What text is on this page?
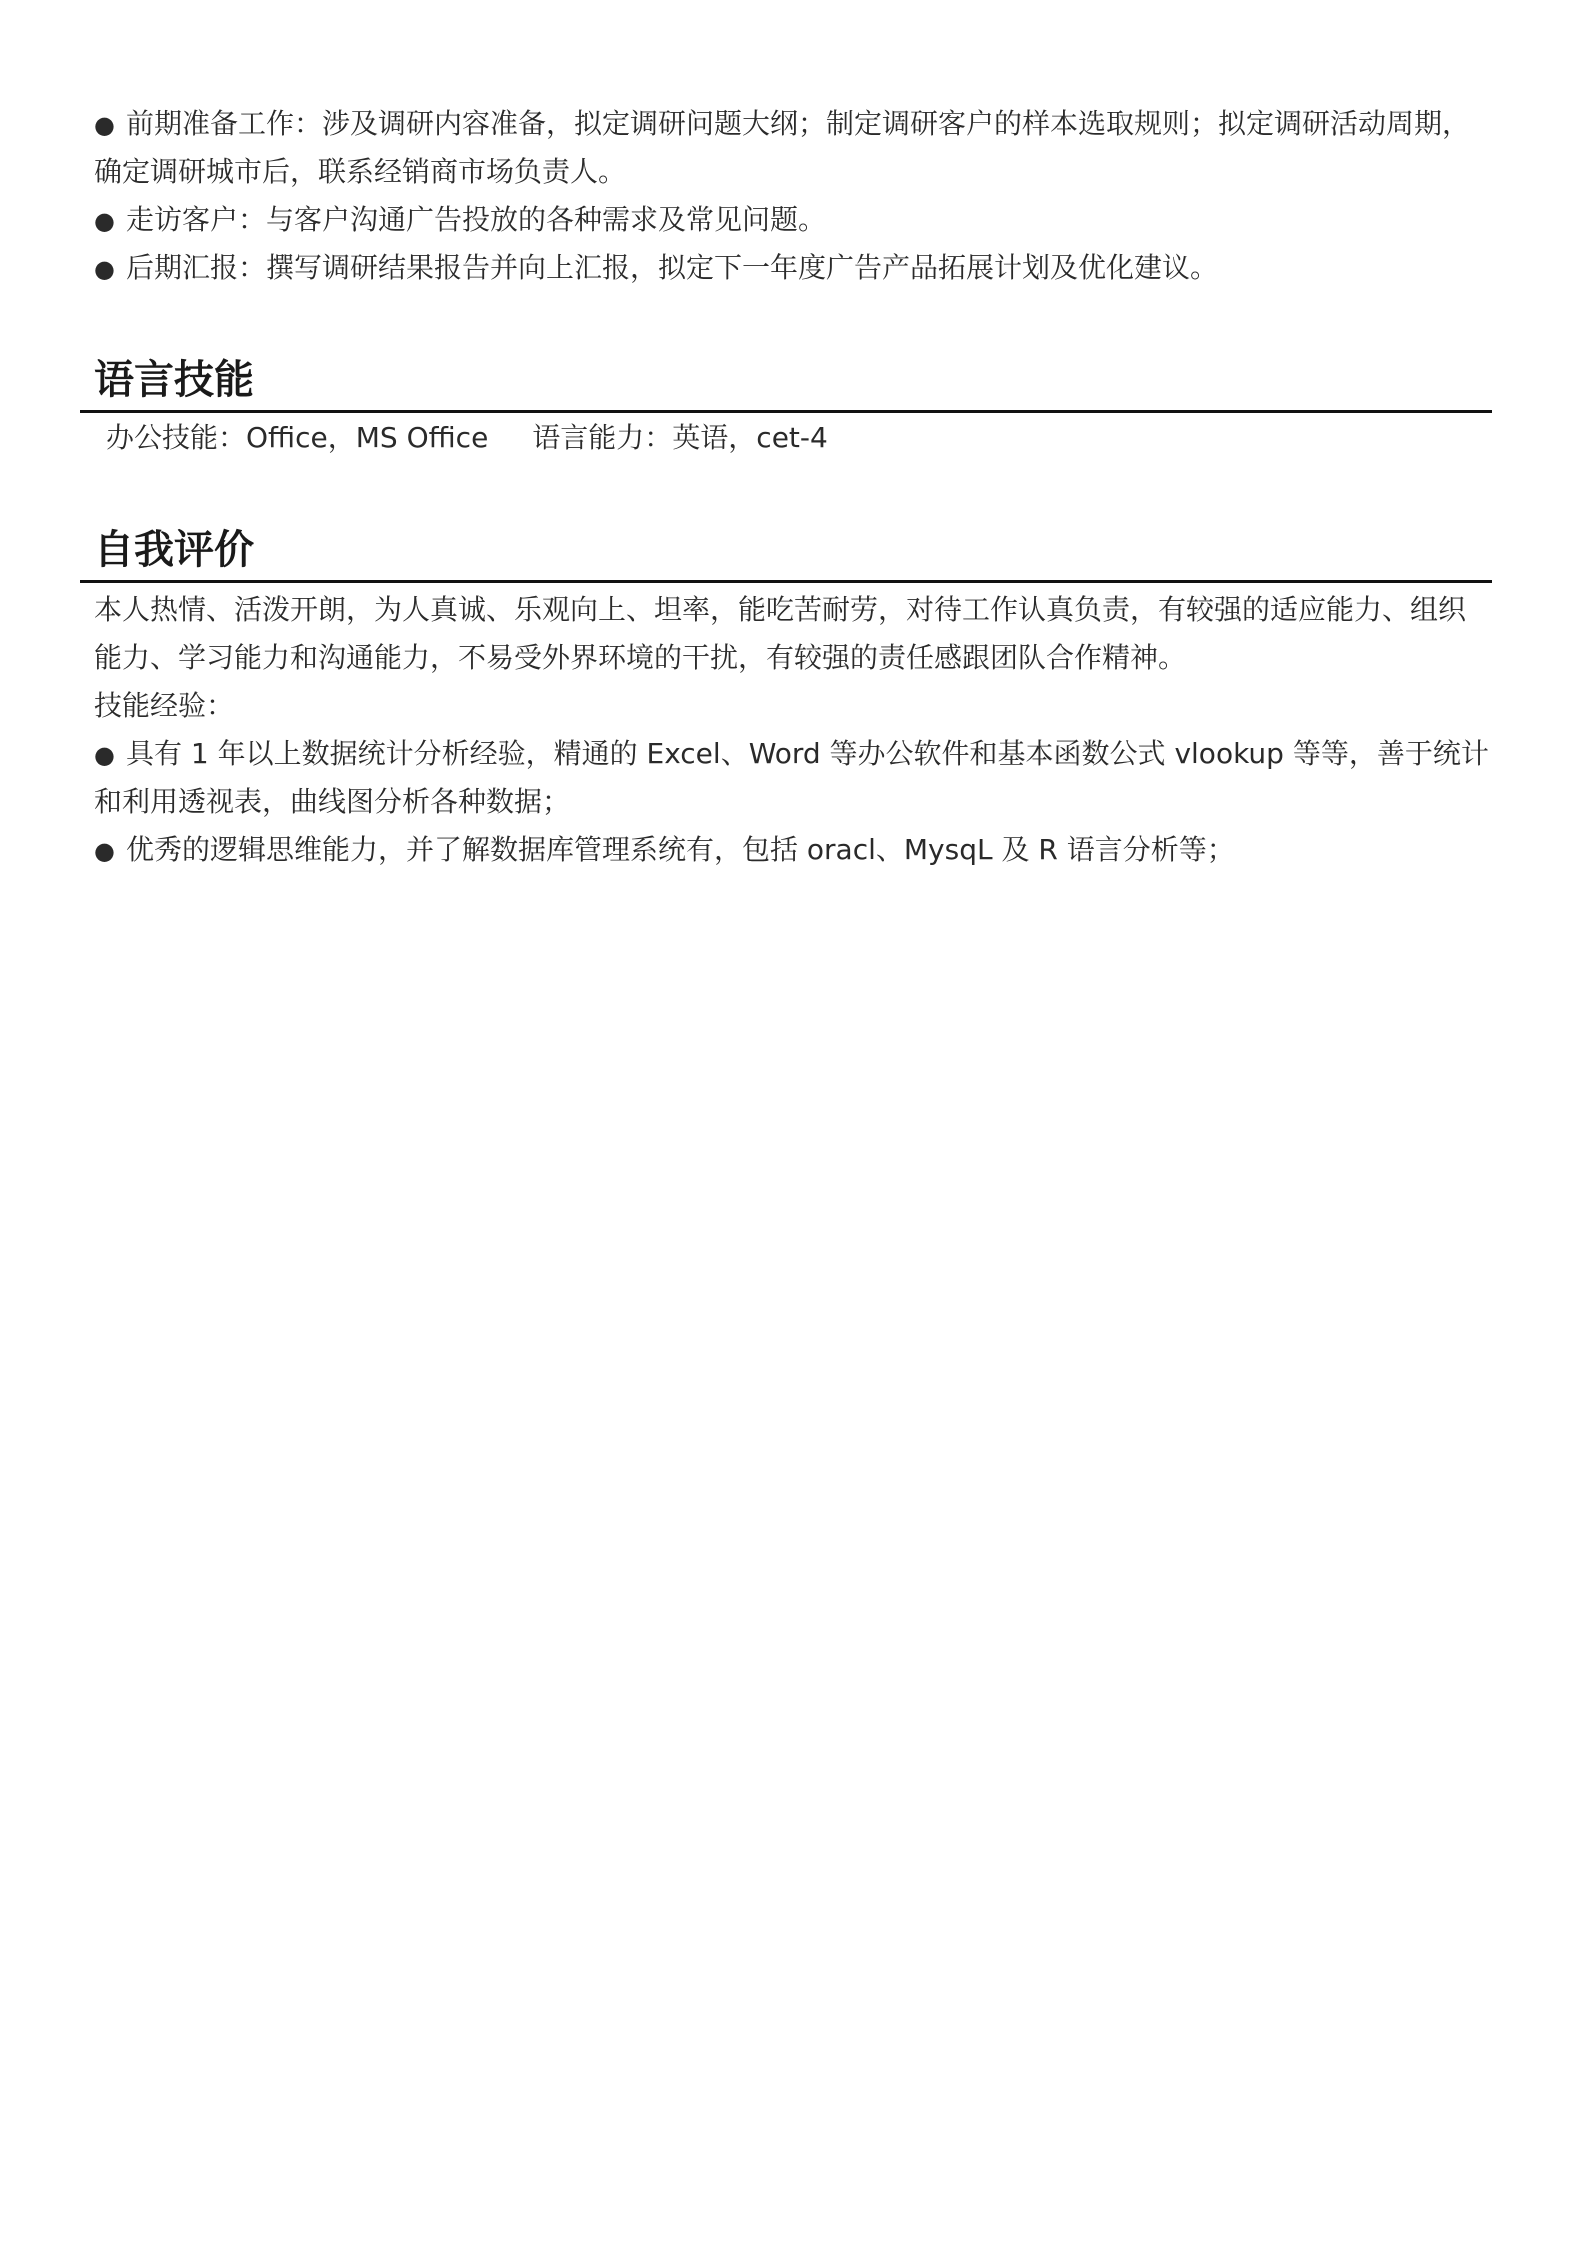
● 前期准备工作：涉及调研内容准备，拟定调研问题大纲；制定调研客户的样本选取规则；拟定调研活动周期，
确定调研城市后，联系经销商市场负责人。
● 走访客户：与客户沟通广告投放的各种需求及常见问题。
● 后期汇报：撰写调研结果报告并向上汇报，拟定下一年度广告产品拓展计划及优化建议。
语言技能
办公技能：Office，MS Office 语言能力：英语，cet-4
自我评价
本人热情、活泼开朗，为人真诚、乐观向上、坦率，能吃苦耐劳，对待工作认真负责，有较强的适应能力、组织
能力、学习能力和沟通能力，不易受外界环境的干扰，有较强的责任感跟团队合作精神。
技能经验：
● 具有 1 年以上数据统计分析经验，精通的 Excel、Word 等办公软件和基本函数公式 vlookup 等等，善于统计
和利用透视表，曲线图分析各种数据；
● 优秀的逻辑思维能力，并了解数据库管理系统有，包括 oracl、MysqL 及 R 语言分析等；
